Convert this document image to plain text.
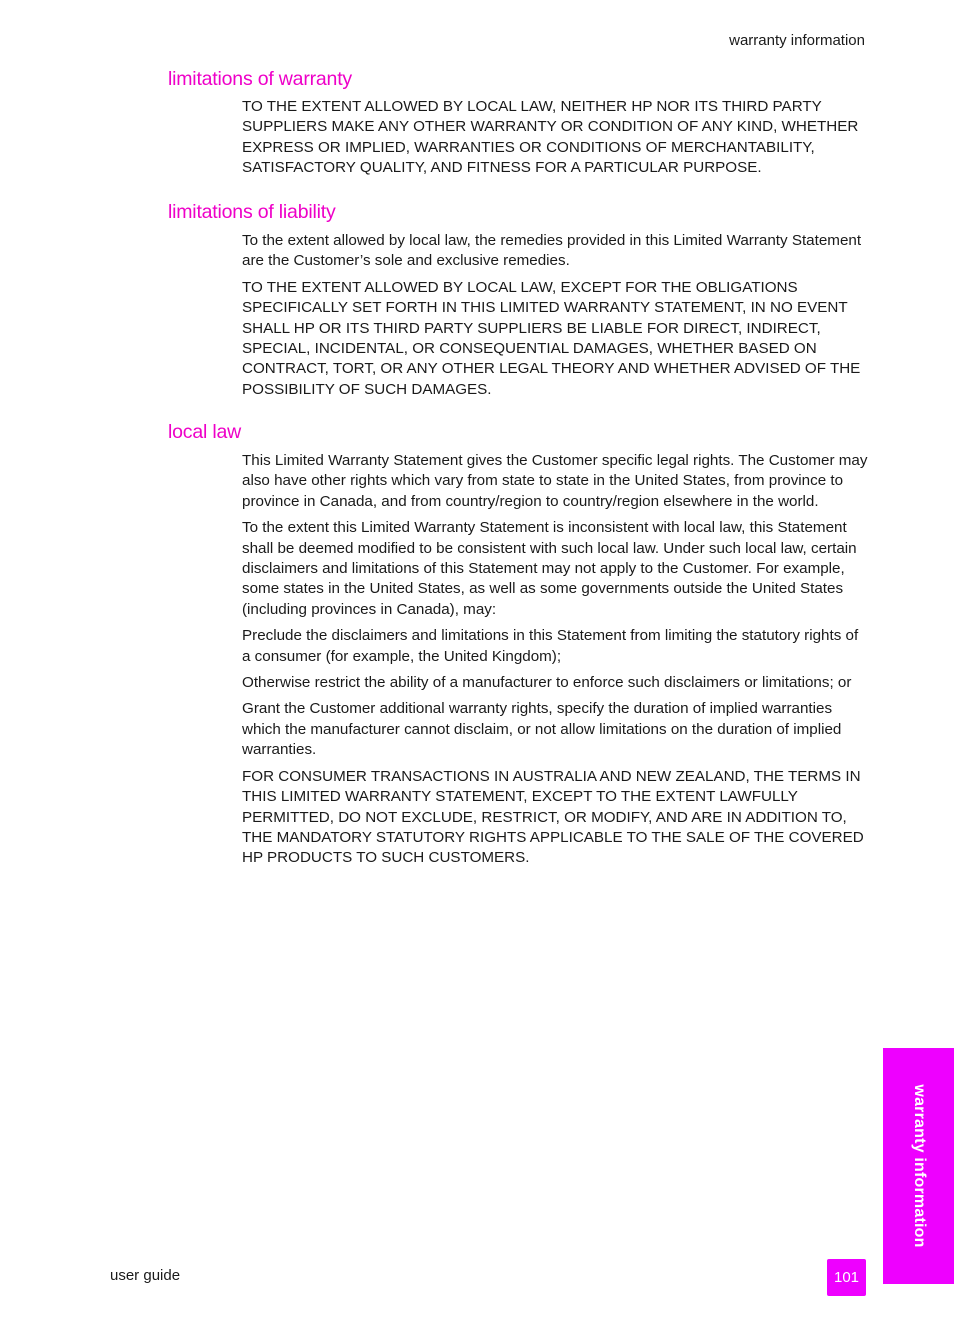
warranty information
limitations of warranty

TO THE EXTENT ALLOWED BY LOCAL LAW, NEITHER HP NOR ITS THIRD PARTY SUPPLIERS MAKE ANY OTHER WARRANTY OR CONDITION OF ANY KIND, WHETHER EXPRESS OR IMPLIED, WARRANTIES OR CONDITIONS OF MERCHANTABILITY, SATISFACTORY QUALITY, AND FITNESS FOR A PARTICULAR PURPOSE.

limitations of liability

To the extent allowed by local law, the remedies provided in this Limited Warranty Statement are the Customer’s sole and exclusive remedies.

TO THE EXTENT ALLOWED BY LOCAL LAW, EXCEPT FOR THE OBLIGATIONS SPECIFICALLY SET FORTH IN THIS LIMITED WARRANTY STATEMENT, IN NO EVENT SHALL HP OR ITS THIRD PARTY SUPPLIERS BE LIABLE FOR DIRECT, INDIRECT, SPECIAL, INCIDENTAL, OR CONSEQUENTIAL DAMAGES, WHETHER BASED ON CONTRACT, TORT, OR ANY OTHER LEGAL THEORY AND WHETHER ADVISED OF THE POSSIBILITY OF SUCH DAMAGES.

local law

This Limited Warranty Statement gives the Customer specific legal rights. The Customer may also have other rights which vary from state to state in the United States, from province to province in Canada, and from country/region to country/region elsewhere in the world.

To the extent this Limited Warranty Statement is inconsistent with local law, this Statement shall be deemed modified to be consistent with such local law. Under such local law, certain disclaimers and limitations of this Statement may not apply to the Customer. For example, some states in the United States, as well as some governments outside the United States (including provinces in Canada), may:

Preclude the disclaimers and limitations in this Statement from limiting the statutory rights of a consumer (for example, the United Kingdom);

Otherwise restrict the ability of a manufacturer to enforce such disclaimers or limitations; or

Grant the Customer additional warranty rights, specify the duration of implied warranties which the manufacturer cannot disclaim, or not allow limitations on the duration of implied warranties.

FOR CONSUMER TRANSACTIONS IN AUSTRALIA AND NEW ZEALAND, THE TERMS IN THIS LIMITED WARRANTY STATEMENT, EXCEPT TO THE EXTENT LAWFULLY PERMITTED, DO NOT EXCLUDE, RESTRICT, OR MODIFY, AND ARE IN ADDITION TO, THE MANDATORY STATUTORY RIGHTS APPLICABLE TO THE SALE OF THE COVERED HP PRODUCTS TO SUCH CUSTOMERS.

warranty information
user guide	101
